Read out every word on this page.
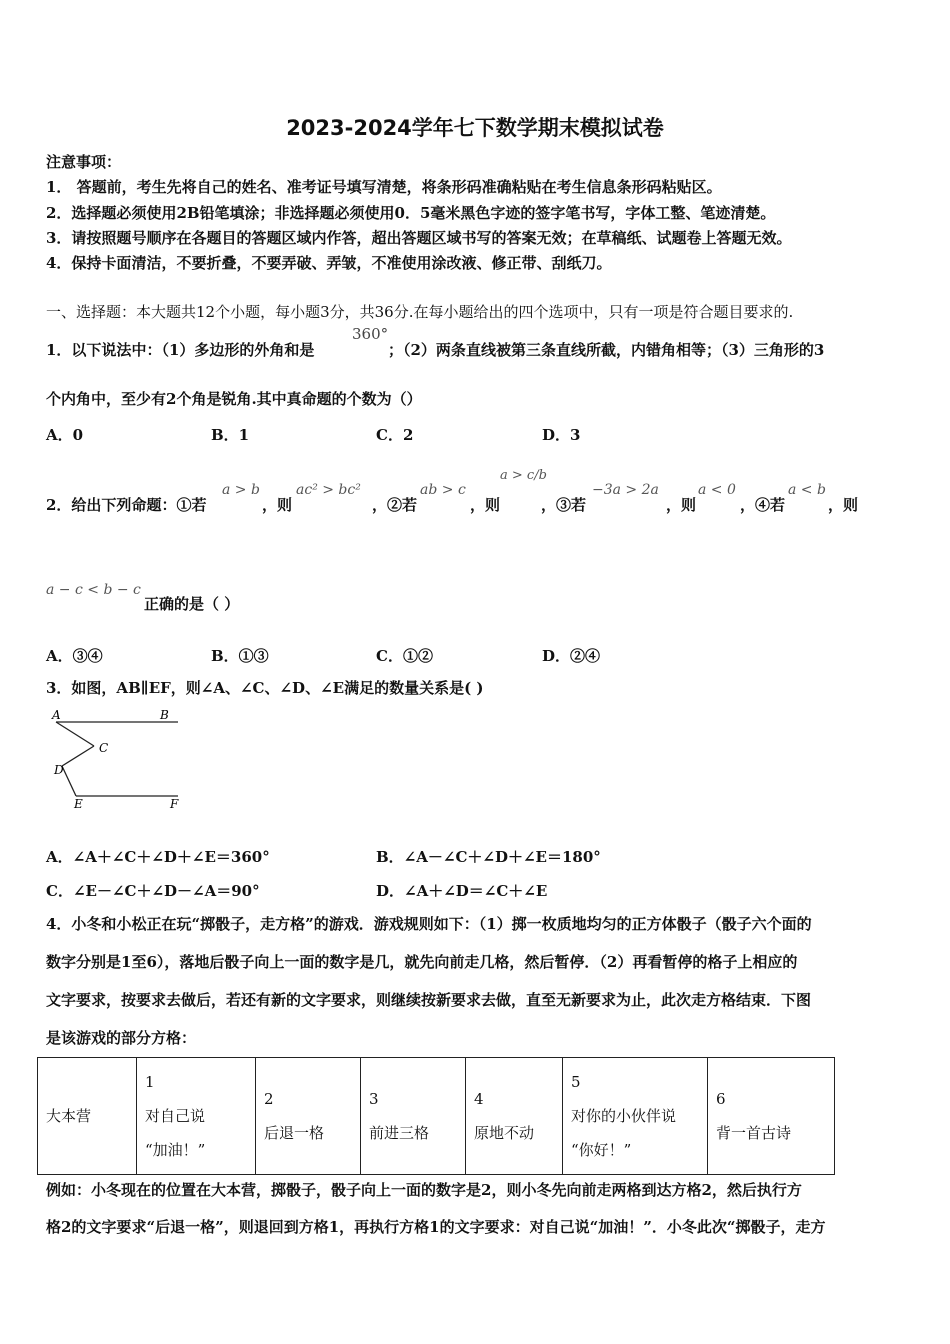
2023-2024学年七下数学期末模拟试卷
注意事项：
1． 答题前，考生先将自己的姓名、准考证号填写清楚，将条形码准确粘贴在考生信息条形码粘贴区。
2．选择题必须使用2B铅笔填涂；非选择题必须使用0．5毫米黑色字迹的签字笔书写，字体工整、笔迹清楚。
3．请按照题号顺序在各题目的答题区域内作答，超出答题区域书写的答案无效；在草稿纸、试题卷上答题无效。
4．保持卡面清洁，不要折叠，不要弄破、弄皱，不准使用涂改液、修正带、刮纸刀。
一、选择题：本大题共12个小题，每小题3分，共36分.在每小题给出的四个选项中，只有一项是符合题目要求的.
360°
1．以下说法中：（1）多边形的外角和是	；（2）两条直线被第三条直线所截，内错角相等；（3）三角形的3
个内角中，至少有2个角是锐角.其中真命题的个数为（）
A．0	B．1	C．2	D．3
2．给出下列命题：①若
a > b
，则
ac² > bc²
，②若
ab > c
，则
a > c/b
，③若
−3a > 2a
，则
a < 0
，④若
a < b
，则
a − c < b − c
正确的是（ ）
A．③④	B．①③	C．①②	D．②④
3．如图，AB∥EF，则∠A、∠C、∠D、∠E满足的数量关系是( )
A	B
C
D
E	F
A．∠A＋∠C＋∠D＋∠E＝360°	B．∠A－∠C＋∠D＋∠E＝180°
C．∠E－∠C＋∠D－∠A＝90°	D．∠A＋∠D＝∠C＋∠E
4．小冬和小松正在玩“掷骰子，走方格”的游戏．游戏规则如下：（1）掷一枚质地均匀的正方体骰子（骰子六个面的
数字分别是1至6），落地后骰子向上一面的数字是几，就先向前走几格，然后暂停．（2）再看暂停的格子上相应的
文字要求，按要求去做后，若还有新的文字要求，则继续按新要求去做，直至无新要求为止，此次走方格结束．下图
是该游戏的部分方格：
大本营

1
对自己说
“加油！”

2
后退一格

3
前进三格

4
原地不动

5
对你的小伙伴说
“你好！”

6
背一首古诗
例如：小冬现在的位置在大本营，掷骰子，骰子向上一面的数字是2，则小冬先向前走两格到达方格2，然后执行方
格2的文字要求“后退一格”，则退回到方格1，再执行方格1的文字要求：对自己说“加油！”．小冬此次“掷骰子，走方
